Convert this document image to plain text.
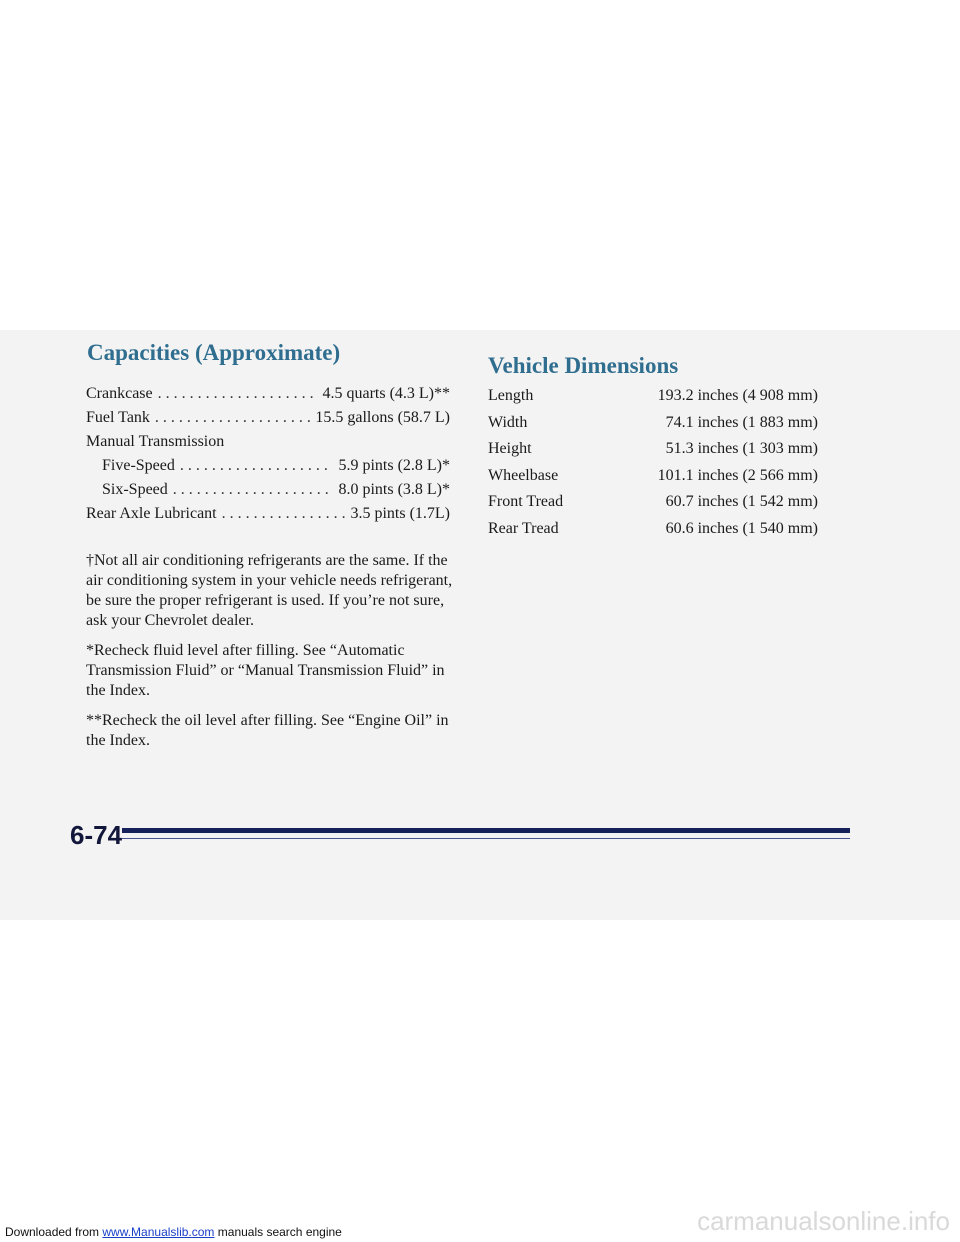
Capacities (Approximate)
Crankcase . . .	4.5 quarts (4.3 L)**
Fuel Tank . . .	15.5 gallons (58.7 L)
Manual Transmission
Five-Speed . . .	5.9 pints (2.8 L)*
Six-Speed . . .	8.0 pints (3.8 L)*
Rear Axle Lubricant . . .	3.5 pints (1.7L)

†Not all air conditioning refrigerants are the same. If the air conditioning system in your vehicle needs refrigerant, be sure the proper refrigerant is used. If you’re not sure, ask your Chevrolet dealer.

*Recheck fluid level after filling. See “Automatic Transmission Fluid” or “Manual Transmission Fluid” in the Index.

**Recheck the oil level after filling. See “Engine Oil” in the Index.

Vehicle Dimensions
Length	193.2 inches (4 908 mm)
Width	74.1 inches (1 883 mm)
Height	51.3 inches (1 303 mm)
Wheelbase	101.1 inches (2 566 mm)
Front Tread	60.7 inches (1 542 mm)
Rear Tread	60.6 inches (1 540 mm)
6-74
Downloaded from www.Manualslib.com manuals search engine	carmanualsonline.info
